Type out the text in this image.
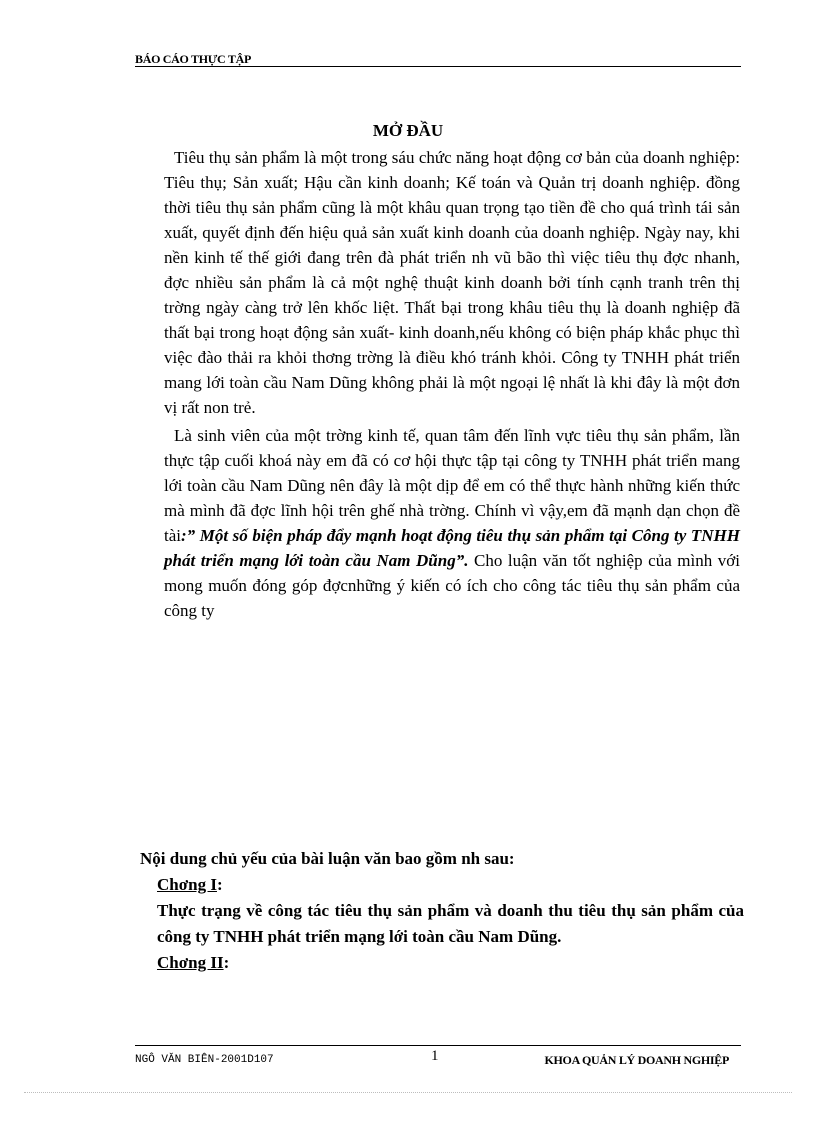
BÁO CÁO THỰC TẬP
MỞ ĐẦU

Tiêu thụ sản phẩm là một trong sáu chức năng hoạt động cơ bản của doanh nghiệp: Tiêu thụ; Sản xuất; Hậu cần kinh doanh; Kế toán và Quản trị doanh nghiệp. đồng thời tiêu thụ sản phẩm cũng là một khâu quan trọng tạo tiền đề cho quá trình tái sản xuất, quyết định đến hiệu quả sản xuất kinh doanh của doanh nghiệp. Ngày nay, khi nền kinh tế thế giới đang trên đà phát triển nh vũ bão thì việc tiêu thụ đợc nhanh, đợc nhiều sản phẩm là cả một nghệ thuật kinh doanh bởi tính cạnh tranh trên thị trờng ngày càng trở lên khốc liệt. Thất bại trong khâu tiêu thụ là doanh nghiệp đã thất bại trong hoạt động sản xuất- kinh doanh,nếu không có biện pháp khắc phục thì việc đào thải ra khỏi thơng trờng là điều khó tránh khỏi. Công ty TNHH phát triển mang lới toàn cầu Nam Dũng không phải là một ngoại lệ nhất là khi đây là một đơn vị rất non trẻ.

Là sinh viên của một trờng kinh tế, quan tâm đến lĩnh vực tiêu thụ sản phẩm, lần thực tập cuối khoá này em đã có cơ hội thực tập tại công ty TNHH phát triển mang lới toàn cầu Nam Dũng nên đây là một dịp để em có thể thực hành những kiến thức mà mình đã đợc lĩnh hội trên ghế nhà trờng. Chính vì vậy,em đã mạnh dạn chọn đề tài:” Một số biện pháp đẩy mạnh hoạt động tiêu thụ sản phẩm tại Công ty TNHH phát triển mạng lới toàn cầu Nam Dũng”. Cho luận văn tốt nghiệp của mình với mong muốn đóng góp đợcnhững ý kiến có ích cho công tác tiêu thụ sản phẩm của công ty

Nội dung chủ yếu của bài luận văn bao gồm nh sau:

Chơng I:

Thực trạng về công tác tiêu thụ sản phẩm và doanh thu tiêu thụ sản phẩm của công ty TNHH phát triển mạng lới toàn cầu Nam Dũng.

Chơng II:

NGÔ VĂN BIÊN-2001D107	1	KHOA QUẢN LÝ DOANH NGHIỆP
